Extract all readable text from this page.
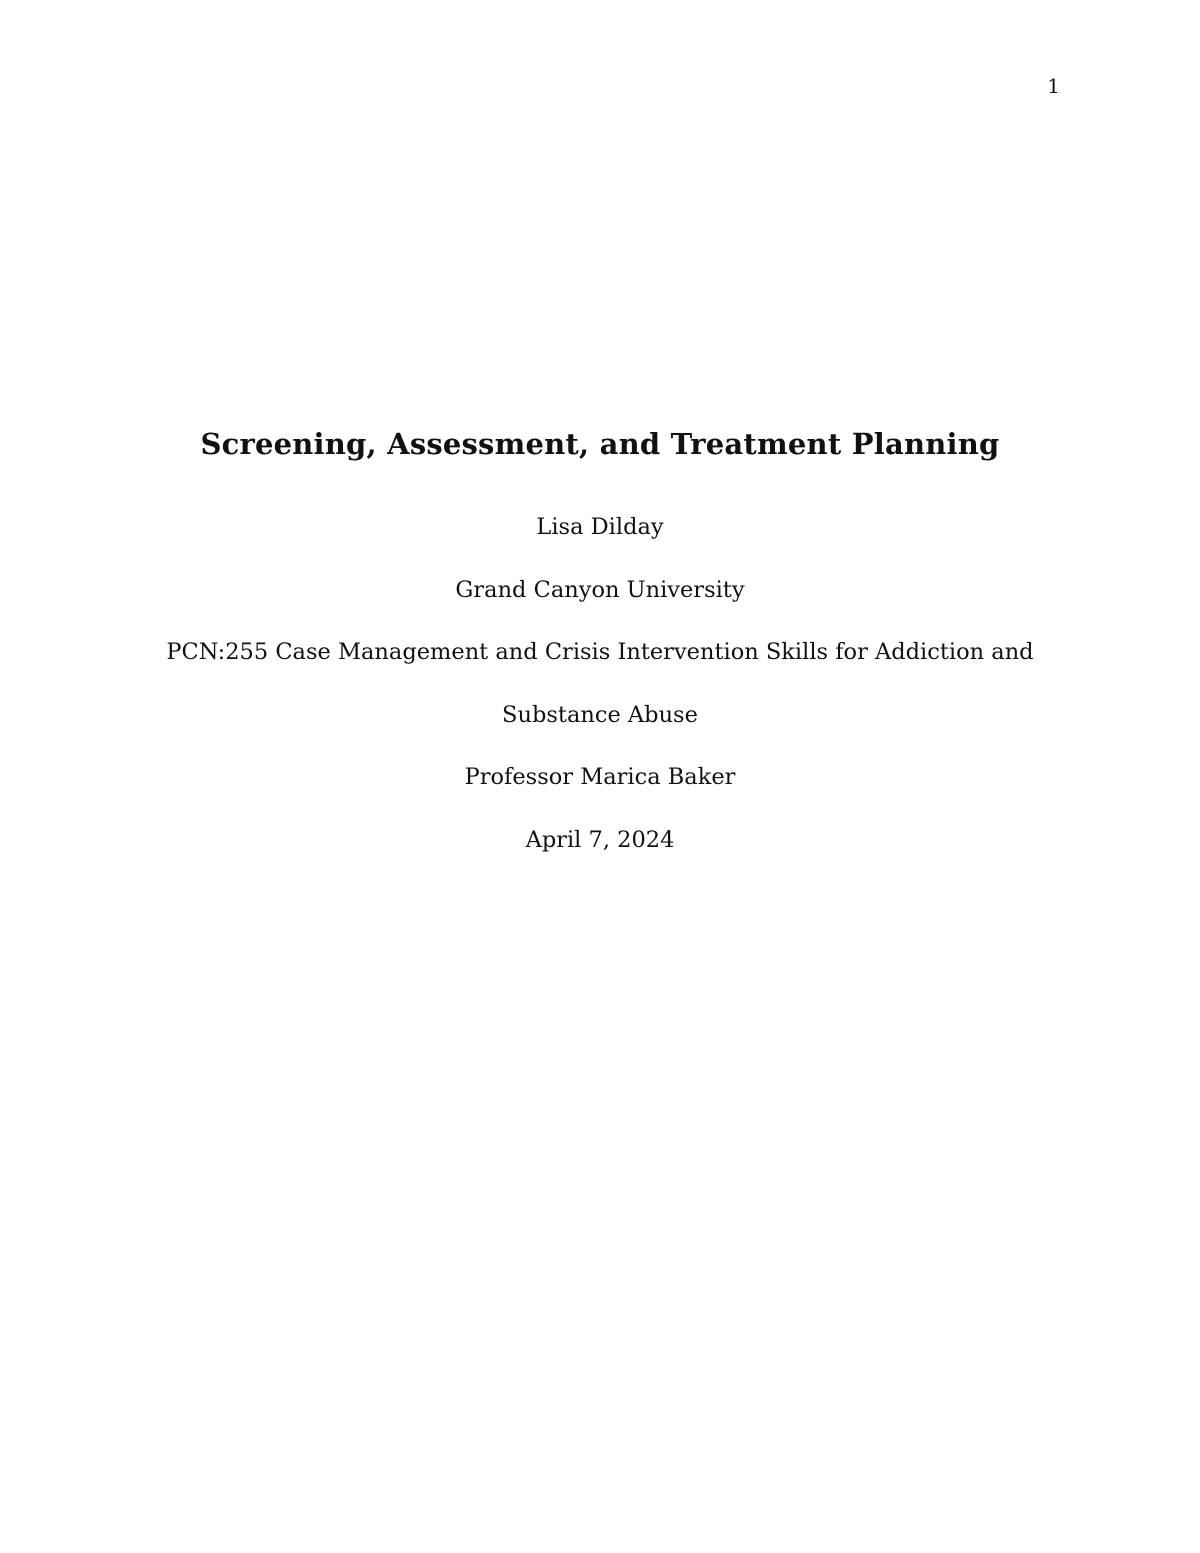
1
Screening, Assessment, and Treatment Planning

Lisa Dilday

Grand Canyon University

PCN:255 Case Management and Crisis Intervention Skills for Addiction and

Substance Abuse

Professor Marica Baker

April 7, 2024
